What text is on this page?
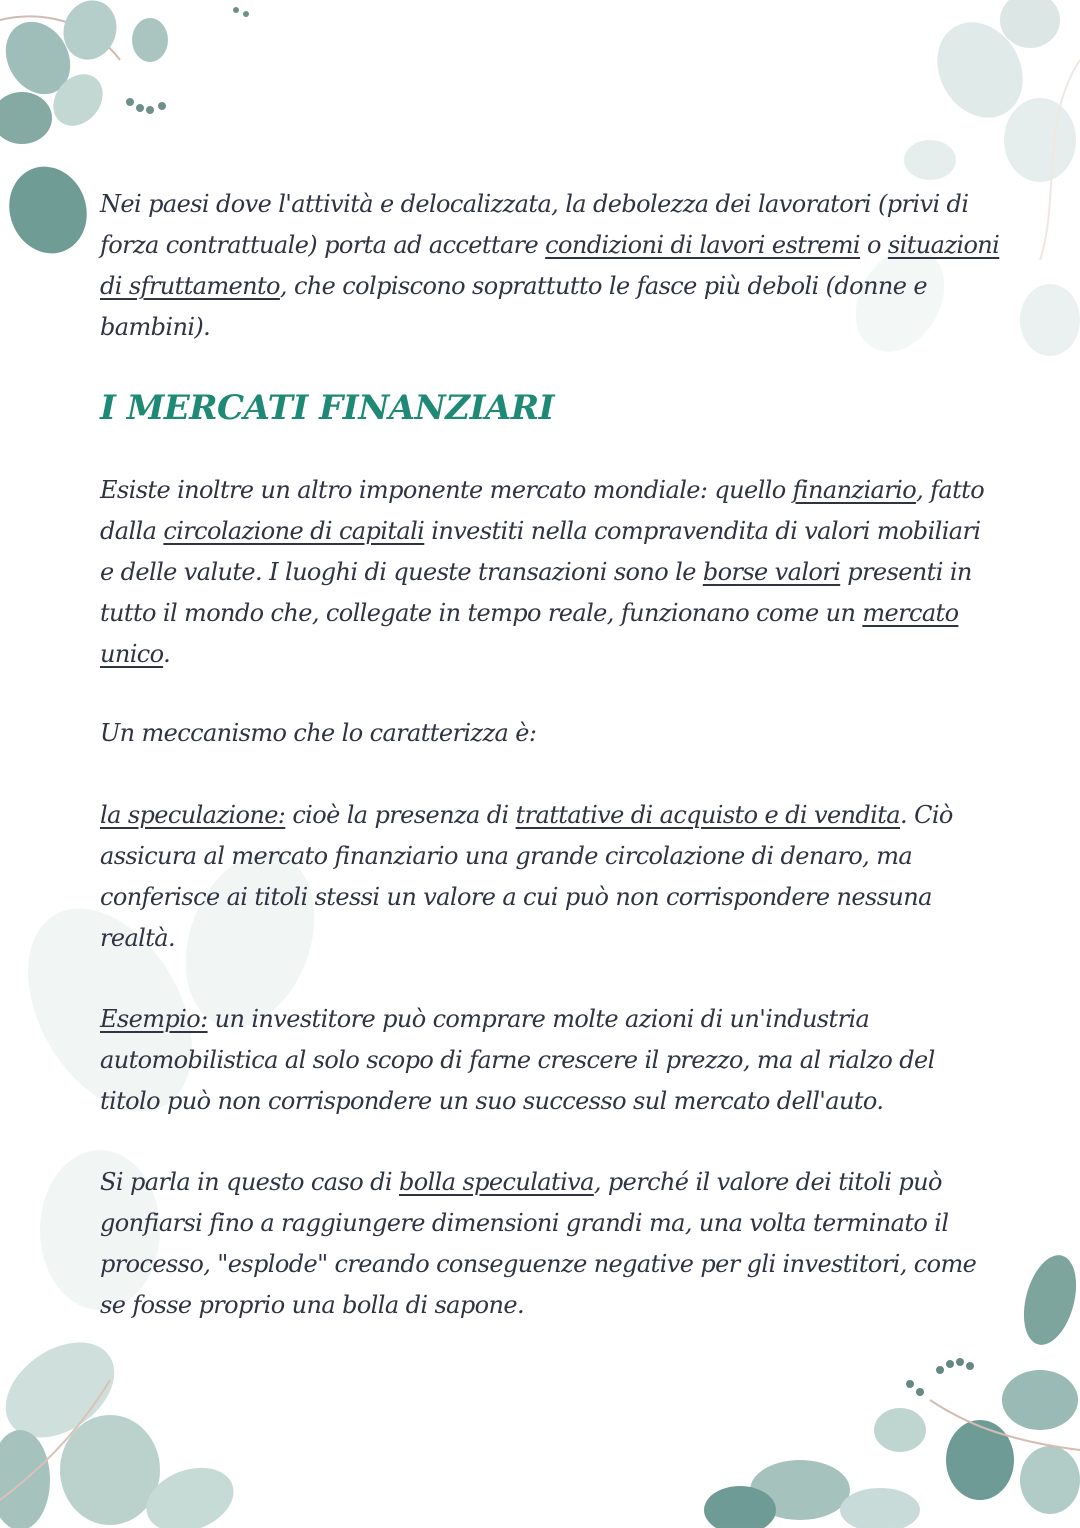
Nei paesi dove l'attività e delocalizzata, la debolezza dei lavoratori (privi di forza contrattuale) porta ad accettare condizioni di lavori estremi o situazioni di sfruttamento, che colpiscono soprattutto le fasce più deboli (donne e bambini).

I MERCATI FINANZIARI

Esiste inoltre un altro imponente mercato mondiale: quello finanziario, fatto dalla circolazione di capitali investiti nella compravendita di valori mobiliari e delle valute. I luoghi di queste transazioni sono le borse valori presenti in tutto il mondo che, collegate in tempo reale, funzionano come un mercato unico.

Un meccanismo che lo caratterizza è:

la speculazione: cioè la presenza di trattative di acquisto e di vendita. Ciò assicura al mercato finanziario una grande circolazione di denaro, ma conferisce ai titoli stessi un valore a cui può non corrispondere nessuna realtà.

Esempio: un investitore può comprare molte azioni di un'industria automobilistica al solo scopo di farne crescere il prezzo, ma al rialzo del titolo può non corrispondere un suo successo sul mercato dell'auto.

Si parla in questo caso di bolla speculativa, perché il valore dei titoli può gonfiarsi fino a raggiungere dimensioni grandi ma, una volta terminato il processo, "esplode" creando conseguenze negative per gli investitori, come se fosse proprio una bolla di sapone.
